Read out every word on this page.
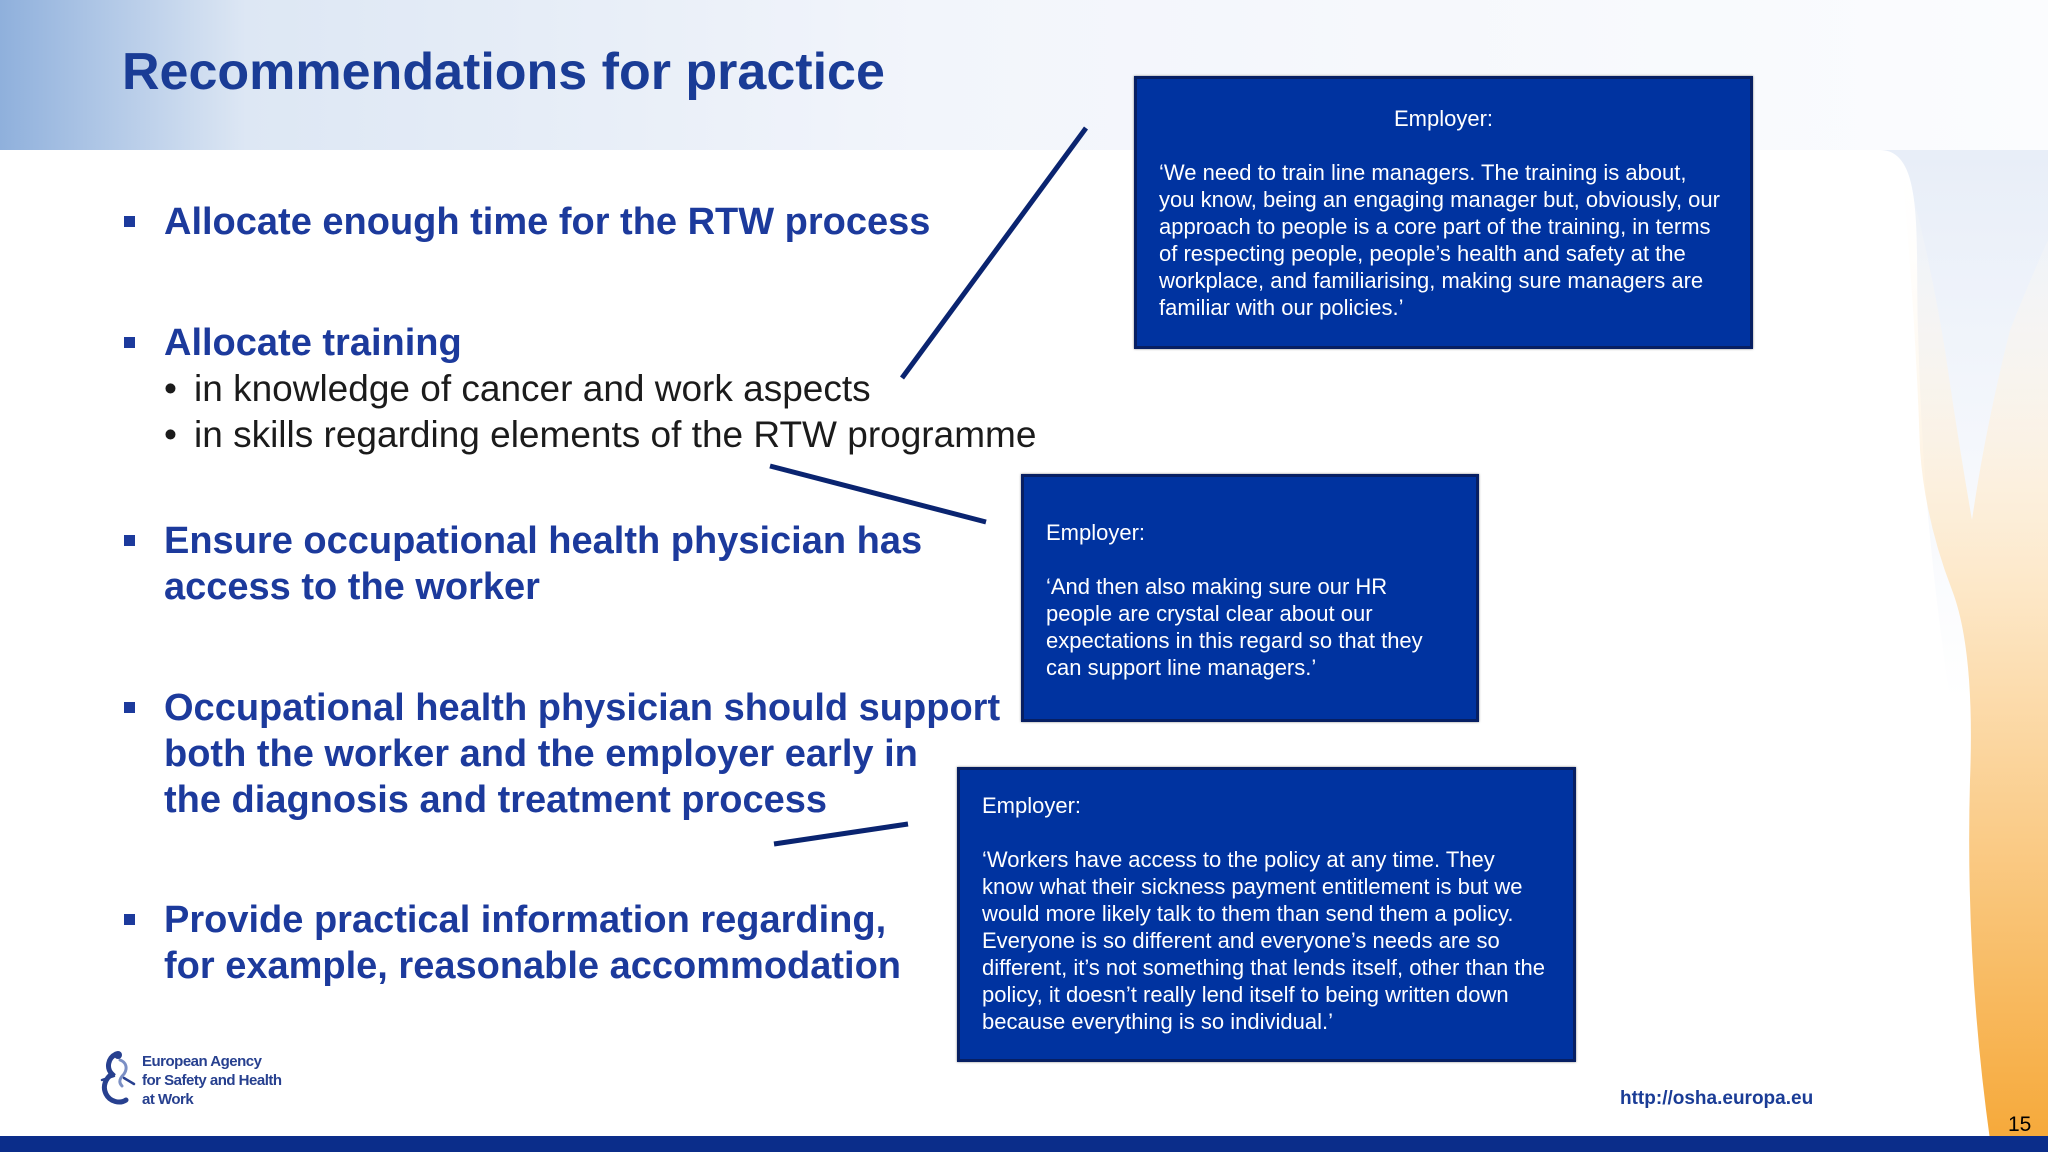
Recommendations for practice
Allocate enough time for the RTW process
Allocate training
• in knowledge of cancer and work aspects
• in skills regarding elements of the RTW programme
Ensure occupational health physician has
access to the worker
Occupational health physician should support
both the worker and the employer early in
the diagnosis and treatment process
Provide practical information regarding,
for example, reasonable accommodation
Employer:
‘We need to train line managers. The training is about, you know, being an engaging manager but, obviously, our approach to people is a core part of the training, in terms of respecting people, people’s health and safety at the workplace, and familiarising, making sure managers are familiar with our policies.’
Employer:
‘And then also making sure our HR people are crystal clear about our expectations in this regard so that they can support line managers.’
Employer:
‘Workers have access to the policy at any time. They know what their sickness payment entitlement is but we would more likely talk to them than send them a policy. Everyone is so different and everyone’s needs are so different, it’s not something that lends itself, other than the policy, it doesn’t really lend itself to being written down because everything is so individual.’
European Agency
for Safety and Health
at Work	http://osha.europa.eu
15
